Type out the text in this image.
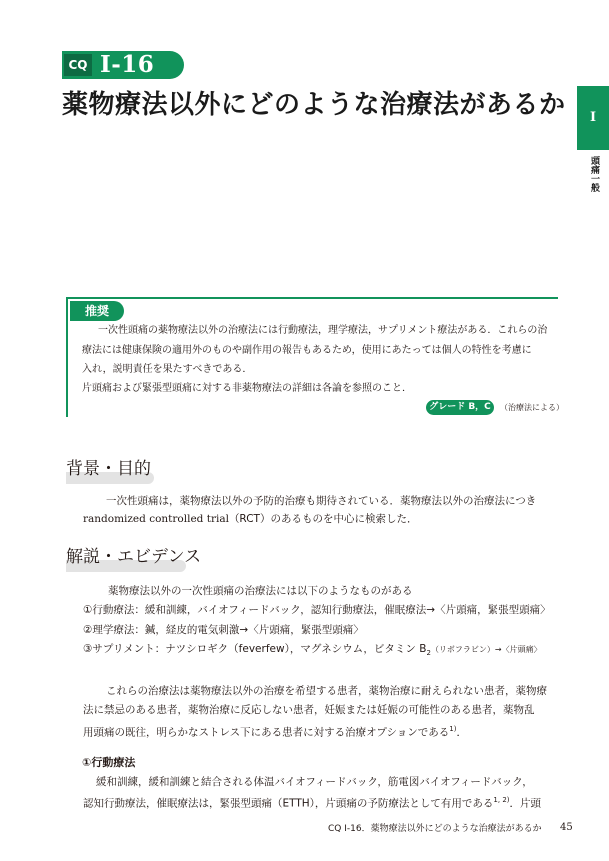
CQ I-16
薬物療法以外にどのような治療法があるか	I
頭痛一般
推奨
一次性頭痛の薬物療法以外の治療法には行動療法，理学療法，サプリメント療法がある．これらの治
療法には健康保険の適用外のものや副作用の報告もあるため，使用にあたっては個人の特性を考慮に
入れ，説明責任を果たすべきである．
片頭痛および緊張型頭痛に対する非薬物療法の詳細は各論を参照のこと．
グレード B，C	（治療法による）
背景・目的
一次性頭痛は，薬物療法以外の予防的治療も期待されている．薬物療法以外の治療法につき
randomized controlled trial（RCT）のあるものを中心に検索した．
解説・エビデンス
薬物療法以外の一次性頭痛の治療法には以下のようなものがある
①行動療法：緩和訓練，バイオフィードバック，認知行動療法，催眠療法→〈片頭痛，緊張型頭痛〉
②理学療法：鍼，経皮的電気刺激→〈片頭痛，緊張型頭痛〉
③サプリメント：ナツシロギク（feverfew），マグネシウム，ビタミン $B_2$（リボフラビン）→〈片頭痛〉
これらの治療法は薬物療法以外の治療を希望する患者，薬物治療に耐えられない患者，薬物療
法に禁忌のある患者，薬物治療に反応しない患者，妊娠または妊娠の可能性のある患者，薬物乱
用頭痛の既往，明らかなストレス下にある患者に対する治療オプションである$^{1)}$．
①行動療法
緩和訓練，緩和訓練と結合される体温バイオフィードバック，筋電図バイオフィードバック，
認知行動療法，催眠療法は，緊張型頭痛（ETTH），片頭痛の予防療法として有用である$^{1, 2)}$．片頭
CQ I-16．薬物療法以外にどのような治療法があるか 45
